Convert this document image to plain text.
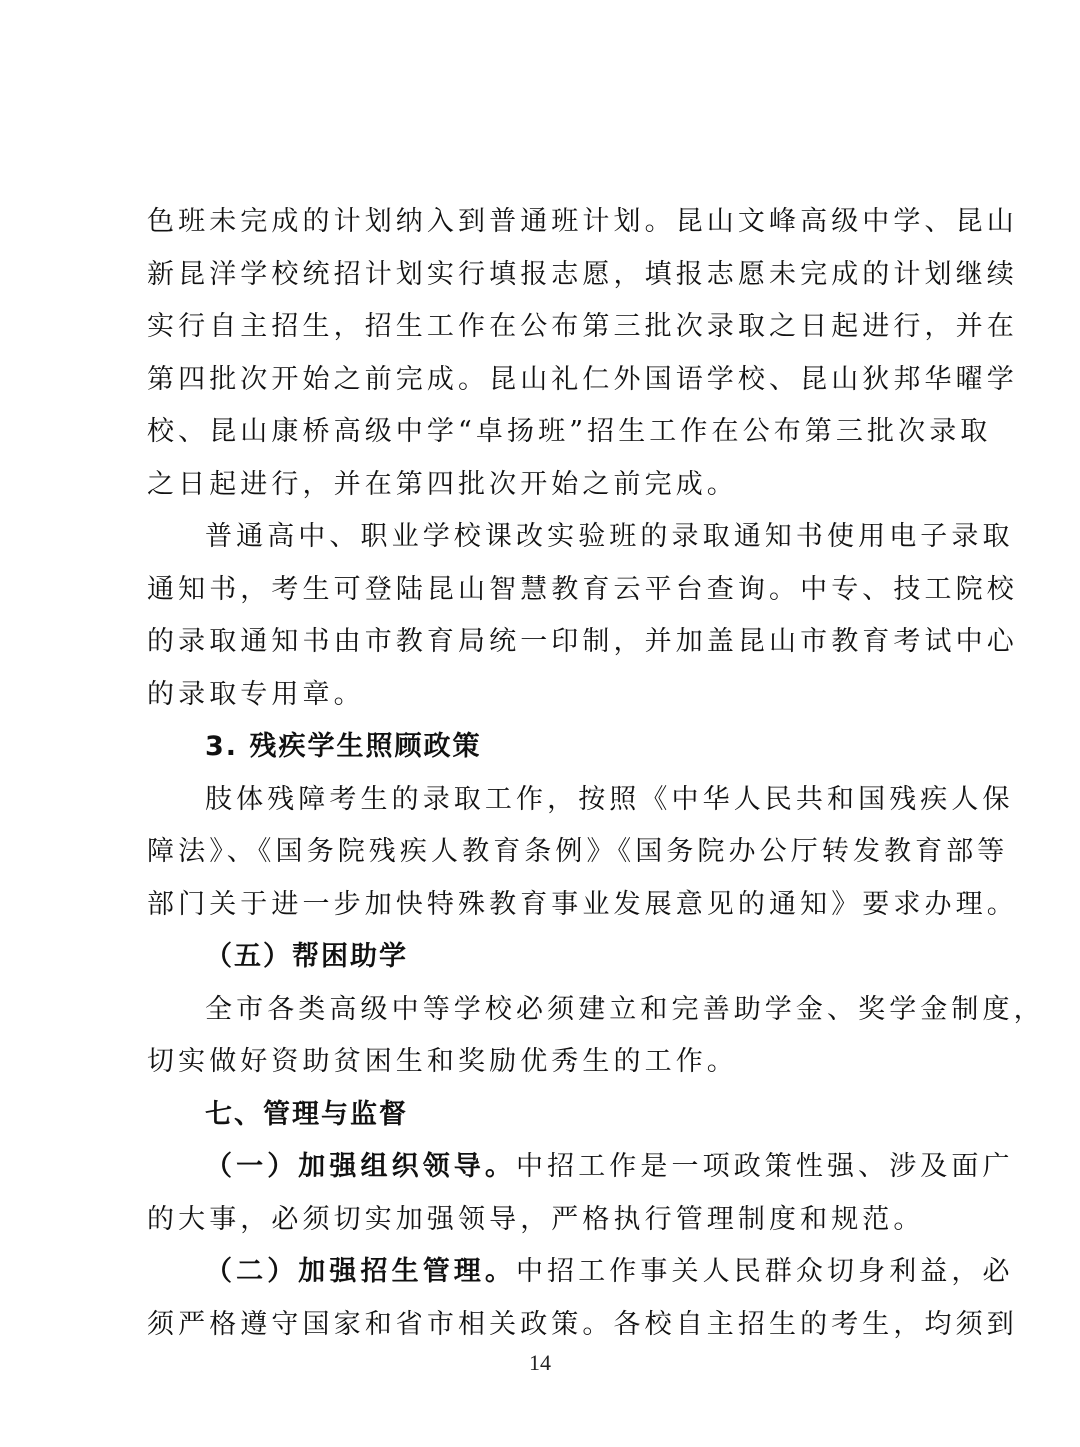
色班未完成的计划纳入到普通班计划。昆山文峰高级中学、昆山
新昆洋学校统招计划实行填报志愿，填报志愿未完成的计划继续
实行自主招生，招生工作在公布第三批次录取之日起进行，并在
第四批次开始之前完成。昆山礼仁外国语学校、昆山狄邦华曜学
校、昆山康桥高级中学“卓扬班”招生工作在公布第三批次录取
之日起进行，并在第四批次开始之前完成。
普通高中、职业学校课改实验班的录取通知书使用电子录取
通知书，考生可登陆昆山智慧教育云平台查询。中专、技工院校
的录取通知书由市教育局统一印制，并加盖昆山市教育考试中心
的录取专用章。
3. 残疾学生照顾政策
肢体残障考生的录取工作，按照《中华人民共和国残疾人保
障法》、《国务院残疾人教育条例》《国务院办公厅转发教育部等
部门关于进一步加快特殊教育事业发展意见的通知》要求办理。
（五）帮困助学
全市各类高级中等学校必须建立和完善助学金、奖学金制度，
切实做好资助贫困生和奖励优秀生的工作。
七、管理与监督
（一）加强组织领导。中招工作是一项政策性强、涉及面广
的大事，必须切实加强领导，严格执行管理制度和规范。
（二）加强招生管理。中招工作事关人民群众切身利益，必
须严格遵守国家和省市相关政策。各校自主招生的考生，均须到
14
